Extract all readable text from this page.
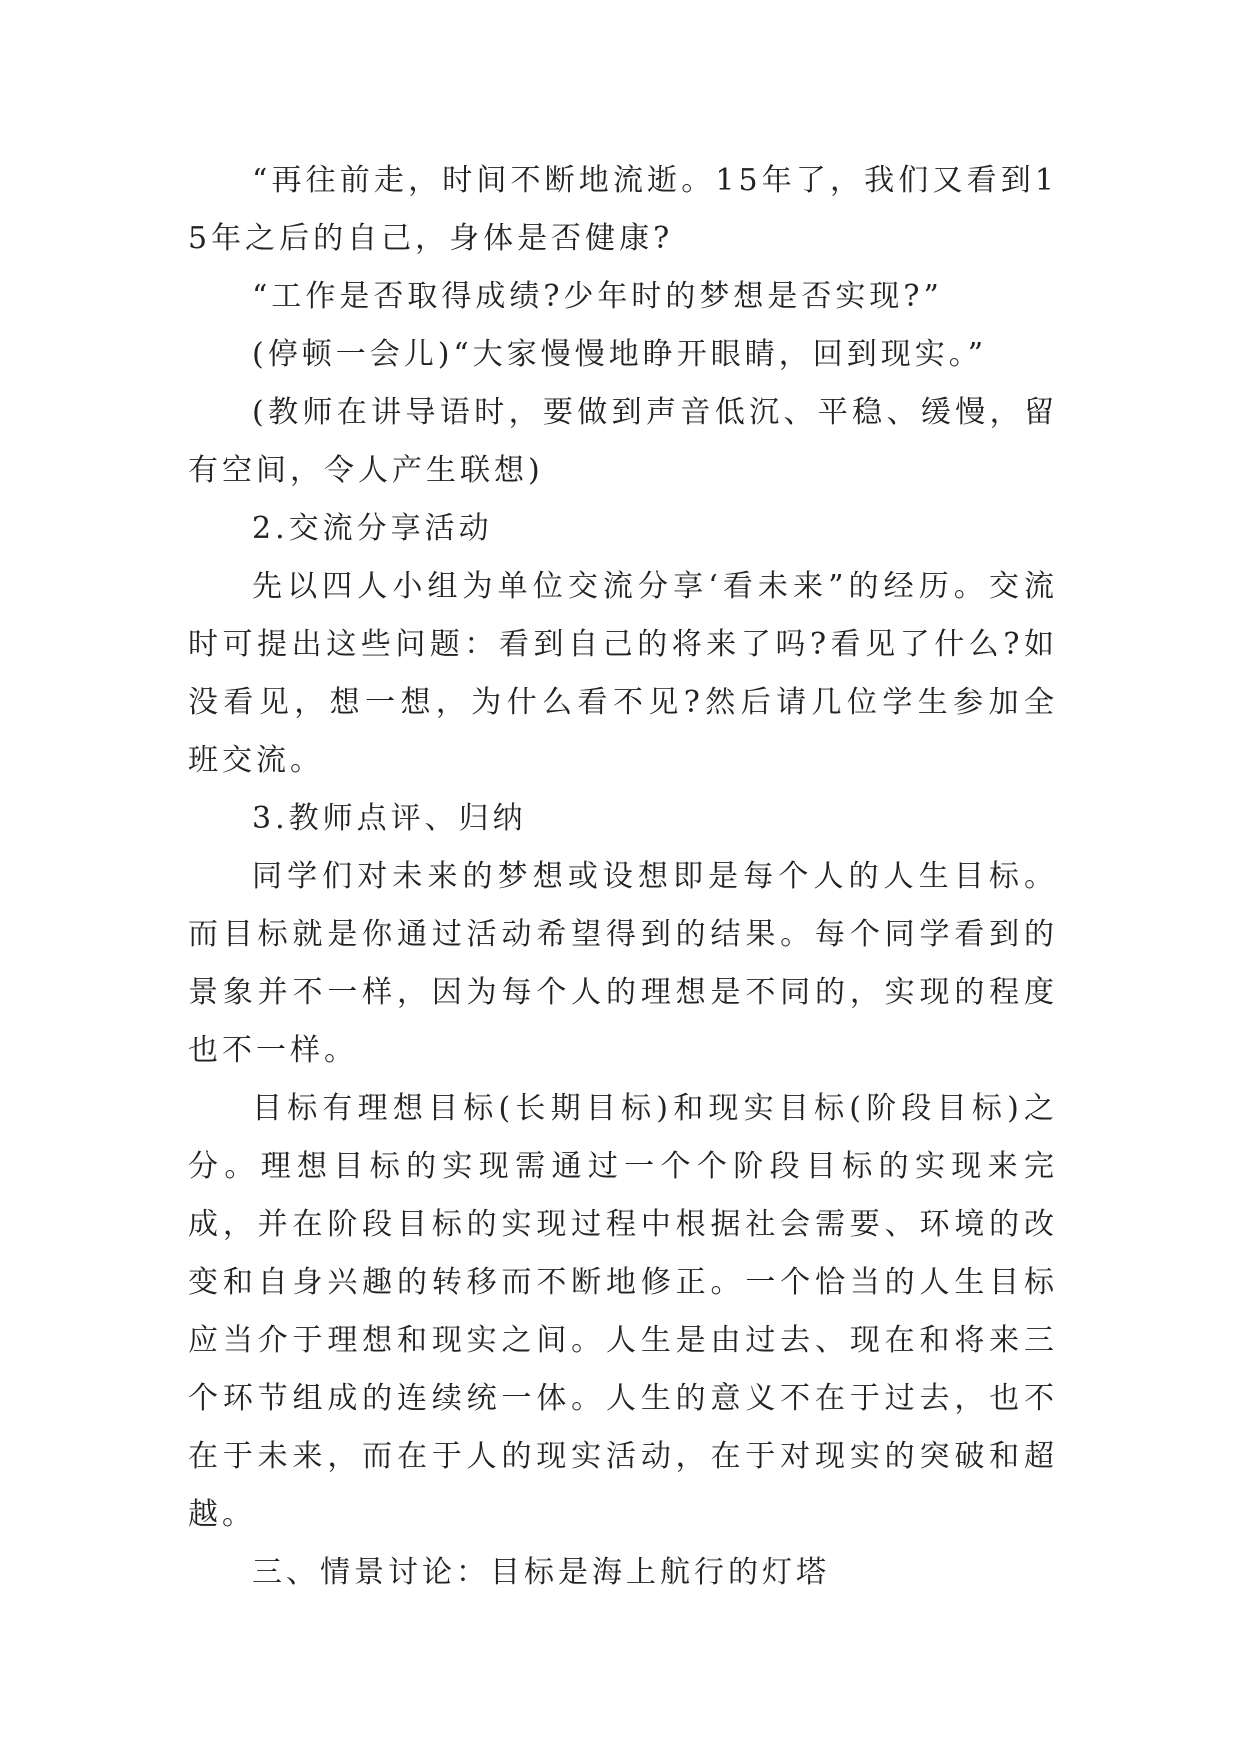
“再往前走，时间不断地流逝。15年了，我们又看到15年之后的自己，身体是否健康?

“工作是否取得成绩?少年时的梦想是否实现?”

(停顿一会儿)“大家慢慢地睁开眼睛，回到现实。”

(教师在讲导语时，要做到声音低沉、平稳、缓慢，留有空间，令人产生联想)

2.交流分享活动

先以四人小组为单位交流分享‘看未来”的经历。交流时可提出这些问题：看到自己的将来了吗?看见了什么?如没看见，想一想，为什么看不见?然后请几位学生参加全班交流。

3.教师点评、归纳

同学们对未来的梦想或设想即是每个人的人生目标。而目标就是你通过活动希望得到的结果。每个同学看到的景象并不一样，因为每个人的理想是不同的，实现的程度也不一样。

目标有理想目标(长期目标)和现实目标(阶段目标)之分。理想目标的实现需通过一个个阶段目标的实现来完成，并在阶段目标的实现过程中根据社会需要、环境的改变和自身兴趣的转移而不断地修正。一个恰当的人生目标应当介于理想和现实之间。人生是由过去、现在和将来三个环节组成的连续统一体。人生的意义不在于过去，也不在于未来，而在于人的现实活动，在于对现实的突破和超越。

三、情景讨论：目标是海上航行的灯塔
